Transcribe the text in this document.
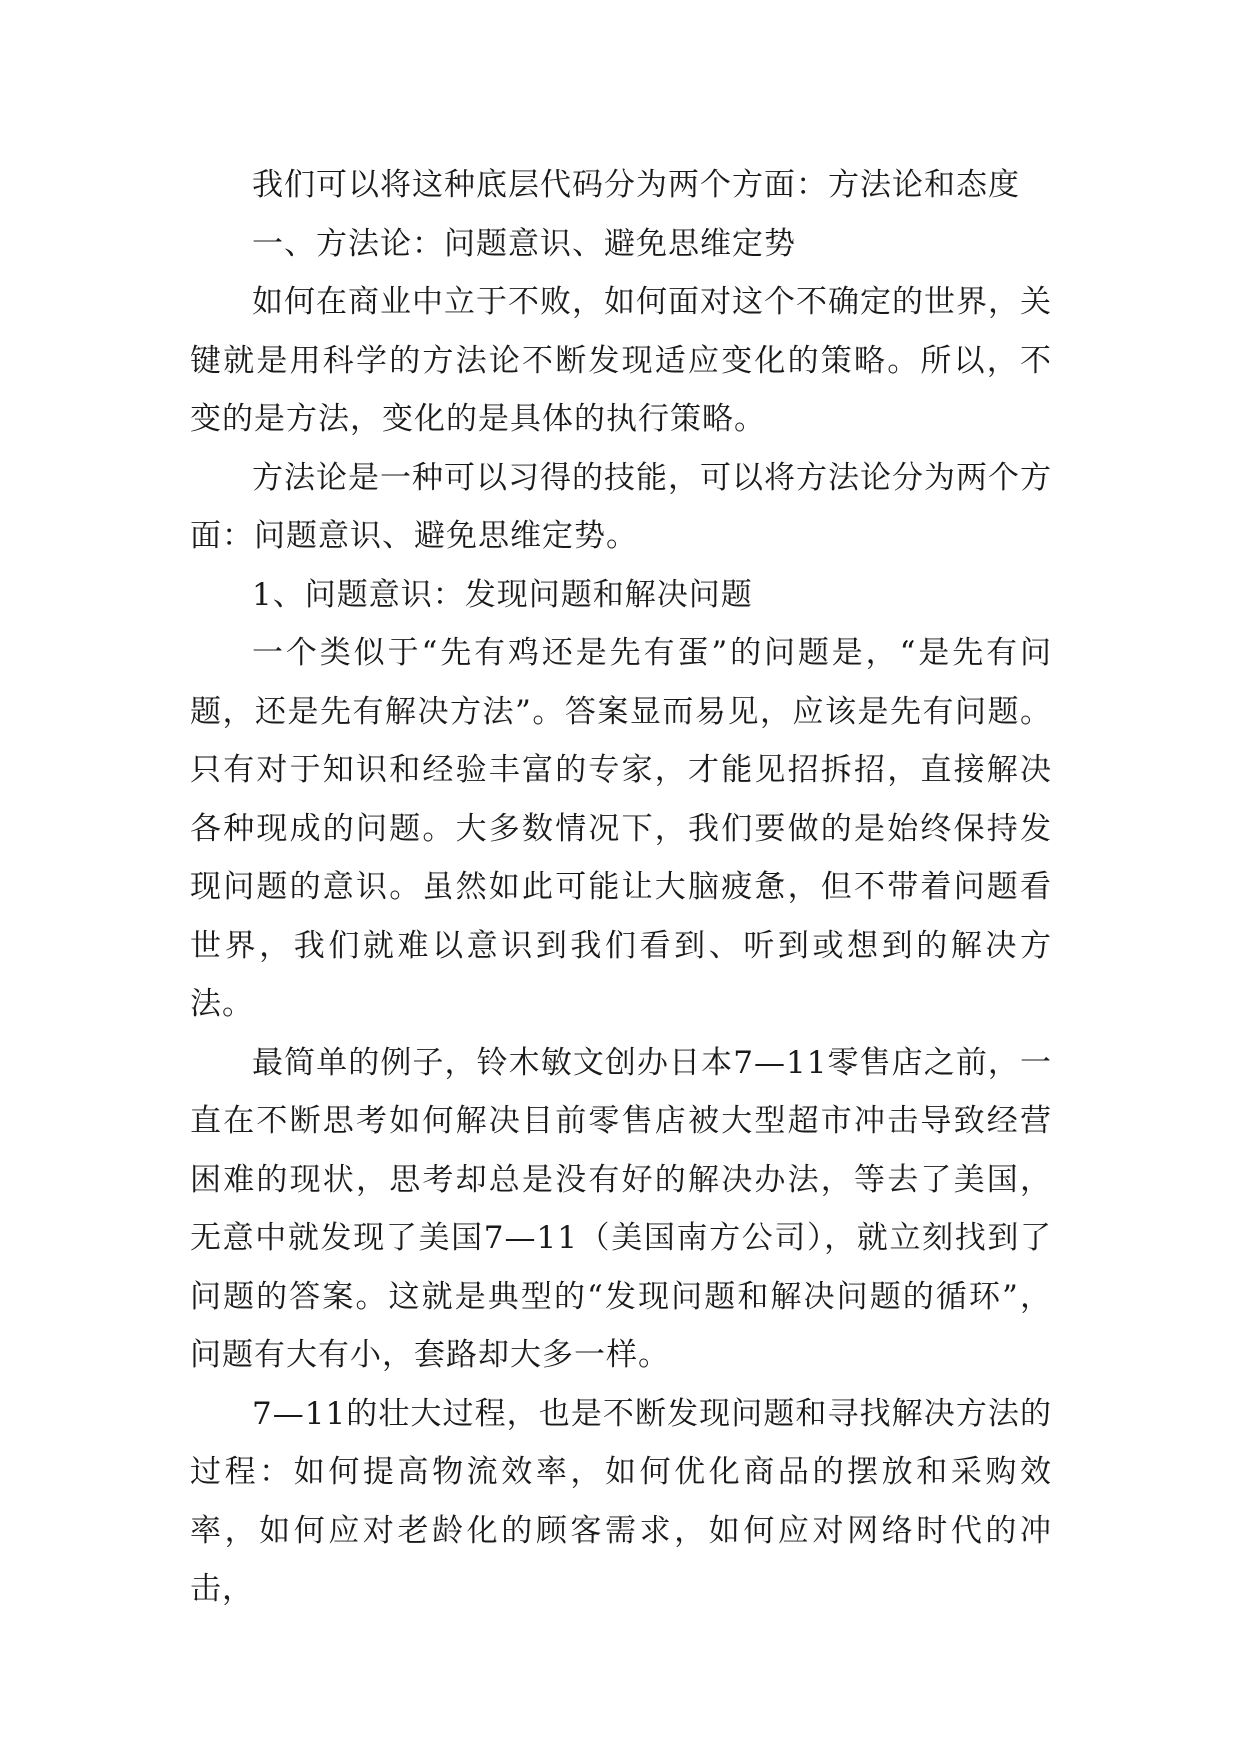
我们可以将这种底层代码分为两个方面：方法论和态度

一、方法论：问题意识、避免思维定势

如何在商业中立于不败，如何面对这个不确定的世界，关键就是用科学的方法论不断发现适应变化的策略。所以，不变的是方法，变化的是具体的执行策略。

方法论是一种可以习得的技能，可以将方法论分为两个方面：问题意识、避免思维定势。

1、问题意识：发现问题和解决问题

一个类似于“先有鸡还是先有蛋”的问题是，“是先有问题，还是先有解决方法”。答案显而易见，应该是先有问题。只有对于知识和经验丰富的专家，才能见招拆招，直接解决各种现成的问题。大多数情况下，我们要做的是始终保持发现问题的意识。虽然如此可能让大脑疲惫，但不带着问题看世界，我们就难以意识到我们看到、听到或想到的解决方法。

最简单的例子，铃木敏文创办日本7—11零售店之前，一直在不断思考如何解决目前零售店被大型超市冲击导致经营困难的现状，思考却总是没有好的解决办法，等去了美国，无意中就发现了美国7—11（美国南方公司），就立刻找到了问题的答案。这就是典型的“发现问题和解决问题的循环”，问题有大有小，套路却大多一样。

7—11的壮大过程，也是不断发现问题和寻找解决方法的过程：如何提高物流效率，如何优化商品的摆放和采购效率，如何应对老龄化的顾客需求，如何应对网络时代的冲击，
